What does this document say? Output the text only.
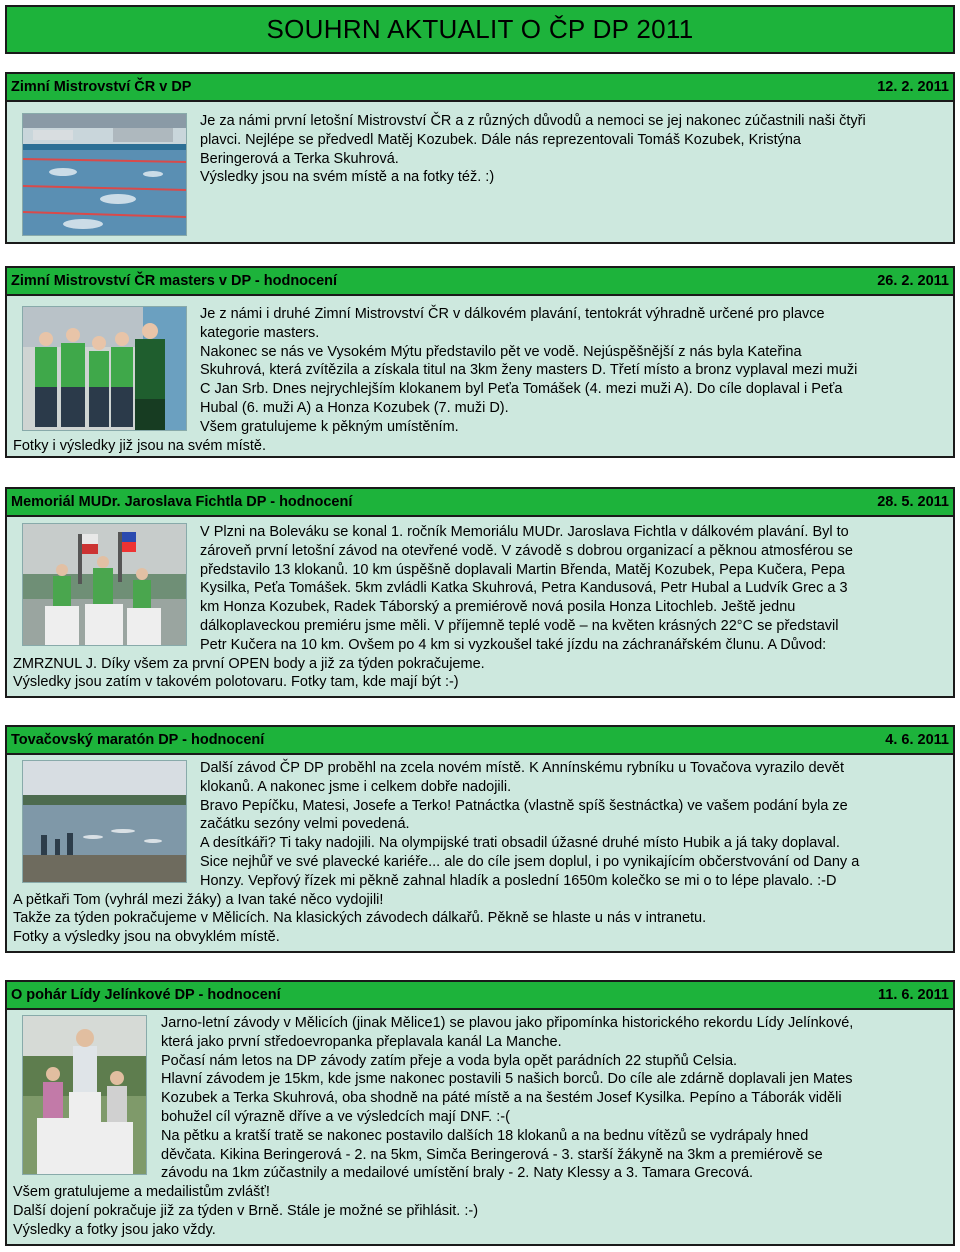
SOUHRN AKTUALIT O ČP DP 2011
Zimní Mistrovství ČR v DP	12. 2. 2011
Je za námi první letošní Mistrovství ČR a z různých důvodů a nemoci se jej nakonec zúčastnili naši čtyři
plavci. Nejlépe se předvedl Matěj Kozubek. Dále nás reprezentovali Tomáš Kozubek, Kristýna
Beringerová a Terka Skuhrová.
Výsledky jsou na svém místě a na fotky též. :)
Zimní Mistrovství ČR masters v DP - hodnocení	26. 2. 2011
Je z námi i druhé Zimní Mistrovství ČR v dálkovém plavání, tentokrát výhradně určené pro plavce
kategorie masters.
Nakonec se nás ve Vysokém Mýtu představilo pět ve vodě. Nejúspěšnější z nás byla Kateřina
Skuhrová, která zvítězila a získala titul na 3km ženy masters D. Třetí místo a bronz vyplaval mezi muži
C Jan Srb. Dnes nejrychlejším klokanem byl Peťa Tomášek (4. mezi muži A). Do cíle doplaval i Peťa
Hubal (6. muži A) a Honza Kozubek (7. muži D).
Všem gratulujeme k pěkným umístěním.
Fotky i výsledky již jsou na svém místě.
Memoriál MUDr. Jaroslava Fichtla DP - hodnocení	28. 5. 2011
V Plzni na Boleváku se konal 1. ročník Memoriálu MUDr. Jaroslava Fichtla v dálkovém plavání. Byl to
zároveň první letošní závod na otevřené vodě. V závodě s dobrou organizací a pěknou atmosférou se
představilo 13 klokanů. 10 km úspěšně doplavali Martin Břenda, Matěj Kozubek, Pepa Kučera, Pepa
Kysilka, Peťa Tomášek. 5km zvládli Katka Skuhrová, Petra Kandusová, Petr Hubal a Ludvík Grec a 3
km Honza Kozubek, Radek Táborský a premiérově nová posila Honza Litochleb. Ještě jednu
dálkoplaveckou premiéru jsme měli. V příjemně teplé vodě – na květen krásných 22°C se představil
Petr Kučera na 10 km. Ovšem po 4 km si vyzkoušel také jízdu na záchranářském člunu. A Důvod:
ZMRZNUL J. Díky všem za první OPEN body a již za týden pokračujeme.
Výsledky jsou zatím v takovém polotovaru. Fotky tam, kde mají být :-)
Tovačovský maratón DP - hodnocení	4. 6. 2011
Další závod ČP DP proběhl na zcela novém místě. K Annínskému rybníku u Tovačova vyrazilo devět
klokanů. A nakonec jsme i celkem dobře nadojili.
Bravo Pepíčku, Matesi, Josefe a Terko! Patnáctka (vlastně spíš šestnáctka) ve vašem podání byla ze
začátku sezóny velmi povedená.
A desítkáři? Ti taky nadojili. Na olympijské trati obsadil úžasné druhé místo Hubik a já taky doplaval.
Sice nejhůř ve své plavecké kariéře... ale do cíle jsem doplul, i po vynikajícím občerstvování od Dany a
Honzy. Vepřový řízek mi pěkně zahnal hladík a poslední 1650m kolečko se mi o to lépe plavalo. :-D
A pětkaři Tom (vyhrál mezi žáky) a Ivan také něco vydojili!
Takže za týden pokračujeme v Mělicích. Na klasických závodech dálkařů. Pěkně se hlaste u nás v intranetu.
Fotky a výsledky jsou na obvyklém místě.
O pohár Lídy Jelínkové DP - hodnocení	11. 6. 2011
Jarno-letní závody v Mělicích (jinak Mělice1) se plavou jako připomínka historického rekordu Lídy Jelínkové,
která jako první středoevropanka přeplavala kanál La Manche.
Počasí nám letos na DP závody zatím přeje a voda byla opět parádních 22 stupňů Celsia.
Hlavní závodem je 15km, kde jsme nakonec postavili 5 našich borců. Do cíle ale zdárně doplavali jen Mates
Kozubek a Terka Skuhrová, oba shodně na páté místě a na šestém Josef Kysilka. Pepíno a Táborák viděli
bohužel cíl výrazně dříve a ve výsledcích mají DNF. :-(
Na pětku a kratší tratě se nakonec postavilo dalších 18 klokanů a na bednu vítězů se vydrápaly hned
děvčata. Kikina Beringerová - 2. na 5km, Simča Beringerová - 3. starší žákyně na 3km a premiérově se
závodu na 1km zúčastnily a medailové umístění braly - 2. Naty Klessy a 3. Tamara Grecová.
Všem gratulujeme a medailistům zvlášť!
Další dojení pokračuje již za týden v Brně. Stále je možné se přihlásit. :-)
Výsledky a fotky jsou jako vždy.
